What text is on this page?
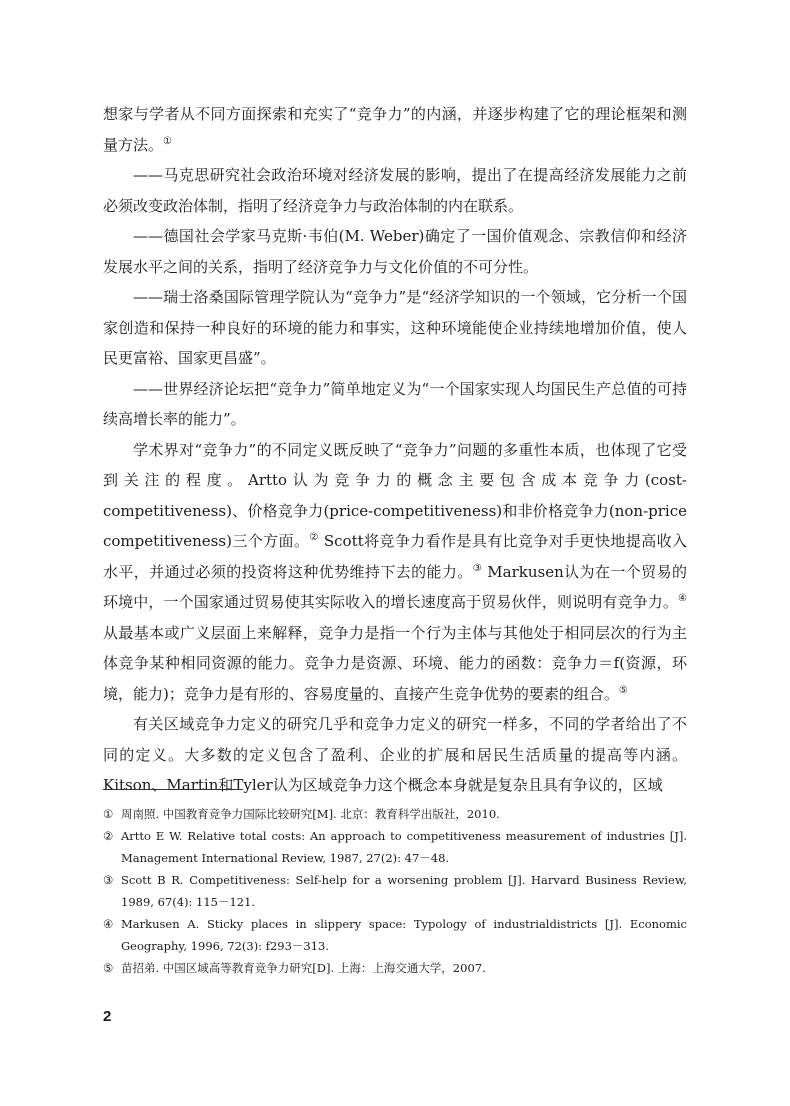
想家与学者从不同方面探索和充实了“竞争力”的内涵，并逐步构建了它的理论框架和测量方法。①

——马克思研究社会政治环境对经济发展的影响，提出了在提高经济发展能力之前必须改变政治体制，指明了经济竞争力与政治体制的内在联系。

——德国社会学家马克斯·韦伯(M. Weber)确定了一国价值观念、宗教信仰和经济发展水平之间的关系，指明了经济竞争力与文化价值的不可分性。

——瑞士洛桑国际管理学院认为“竞争力”是“经济学知识的一个领域，它分析一个国家创造和保持一种良好的环境的能力和事实，这种环境能使企业持续地增加价值，使人民更富裕、国家更昌盛”。

——世界经济论坛把“竞争力”简单地定义为“一个国家实现人均国民生产总值的可持续高增长率的能力”。

学术界对“竞争力”的不同定义既反映了“竞争力”问题的多重性本质，也体现了它受到关注的程度。Artto认为竞争力的概念主要包含成本竞争力(cost-competitiveness)、价格竞争力(price-competitiveness)和非价格竞争力(non-price competitiveness)三个方面。② Scott将竞争力看作是具有比竞争对手更快地提高收入水平，并通过必须的投资将这种优势维持下去的能力。③ Markusen认为在一个贸易的环境中，一个国家通过贸易使其实际收入的增长速度高于贸易伙伴，则说明有竞争力。④ 从最基本或广义层面上来解释，竞争力是指一个行为主体与其他处于相同层次的行为主体竞争某种相同资源的能力。竞争力是资源、环境、能力的函数：竞争力＝f(资源，环境，能力)；竞争力是有形的、容易度量的、直接产生竞争优势的要素的组合。⑤

有关区域竞争力定义的研究几乎和竞争力定义的研究一样多，不同的学者给出了不同的定义。大多数的定义包含了盈利、企业的扩展和居民生活质量的提高等内涵。Kitson、Martin和Tyler认为区域竞争力这个概念本身就是复杂且具有争议的，区域

① 周南照. 中国教育竞争力国际比较研究[M]. 北京：教育科学出版社，2010.
② Artto E W. Relative total costs: An approach to competitiveness measurement of industries [J]. Management International Review, 1987, 27(2): 47－48.
③ Scott B R. Competitiveness: Self-help for a worsening problem [J]. Harvard Business Review, 1989, 67(4): 115－121.
④ Markusen A. Sticky places in slippery space: Typology of industrialdistricts [J]. Economic Geography, 1996, 72(3): f293－313.
⑤ 苗招弟. 中国区域高等教育竞争力研究[D]. 上海：上海交通大学，2007.
2
